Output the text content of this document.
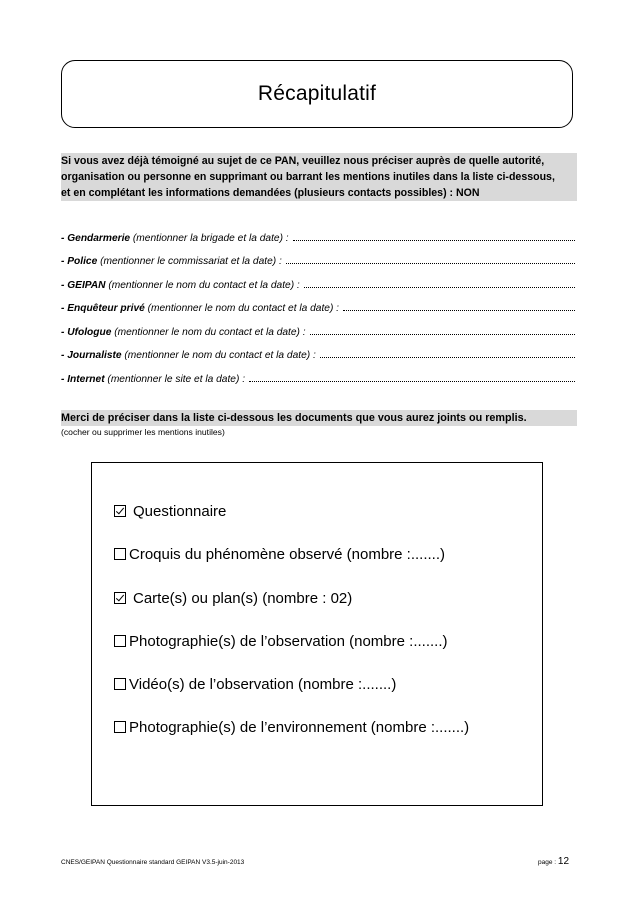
Récapitulatif
Si vous avez déjà témoigné au sujet de ce PAN, veuillez nous préciser auprès de quelle autorité,
organisation ou personne en supprimant ou barrant les mentions inutiles dans la liste ci-dessous,
et en complétant les informations demandées (plusieurs contacts possibles) : NON
- Gendarmerie (mentionner la brigade et la date) :
- Police (mentionner le commissariat et la date) :
- GEIPAN (mentionner le nom du contact et la date) :
- Enquêteur privé (mentionner le nom du contact et la date) :
- Ufologue (mentionner le nom du contact et la date) :
- Journaliste (mentionner le nom du contact et la date) :
- Internet (mentionner le site et la date) :
Merci de préciser dans la liste ci-dessous les documents que vous aurez joints ou remplis.
(cocher ou supprimer les mentions inutiles)
Questionnaire
Croquis du phénomène observé (nombre :.......)
Carte(s) ou plan(s) (nombre : 02)
Photographie(s) de l’observation (nombre :.......)
Vidéo(s) de l’observation (nombre :.......)
Photographie(s) de l’environnement (nombre :.......)
CNES/GEIPAN Questionnaire standard GEIPAN V3.5-juin-2013	page : 12
